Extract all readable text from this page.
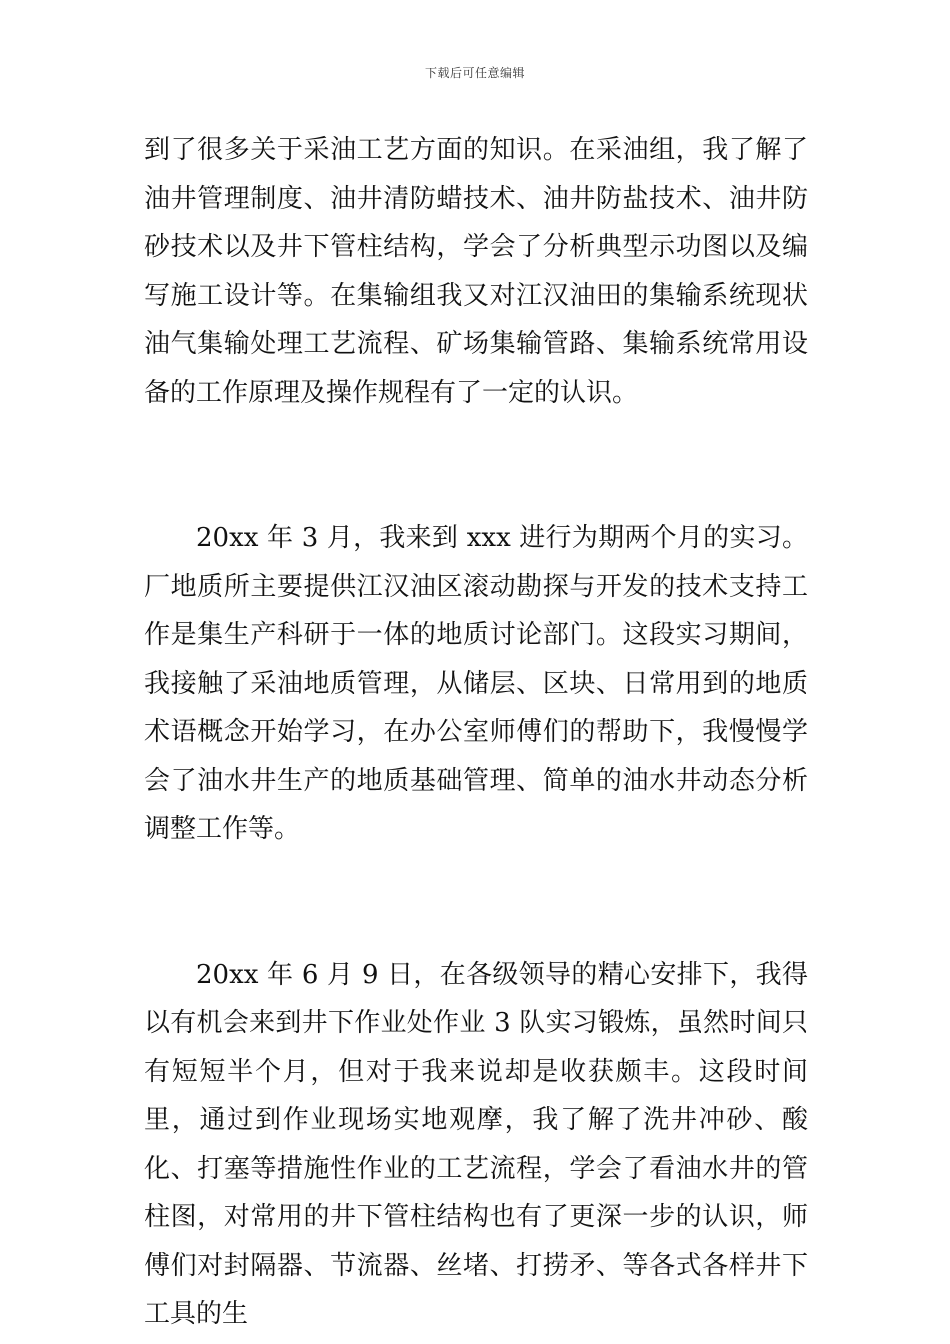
下载后可任意编辑

到了很多关于采油工艺方面的知识。在采油组，我了解了油井管理制度、油井清防蜡技术、油井防盐技术、油井防砂技术以及井下管柱结构，学会了分析典型示功图以及编写施工设计等。在集输组我又对江汉油田的集输系统现状油气集输处理工艺流程、矿场集输管路、集输系统常用设备的工作原理及操作规程有了一定的认识。

20xx 年 3 月，我来到 xxx 进行为期两个月的实习。厂地质所主要提供江汉油区滚动勘探与开发的技术支持工作是集生产科研于一体的地质讨论部门。这段实习期间，我接触了采油地质管理，从储层、区块、日常用到的地质术语概念开始学习，在办公室师傅们的帮助下，我慢慢学会了油水井生产的地质基础管理、简单的油水井动态分析调整工作等。

20xx 年 6 月 9 日，在各级领导的精心安排下，我得以有机会来到井下作业处作业 3 队实习锻炼，虽然时间只有短短半个月，但对于我来说却是收获颇丰。这段时间里，通过到作业现场实地观摩，我了解了洗井冲砂、酸化、打塞等措施性作业的工艺流程，学会了看油水井的管柱图，对常用的井下管柱结构也有了更深一步的认识，师傅们对封隔器、节流器、丝堵、打捞矛、等各式各样井下工具的生
